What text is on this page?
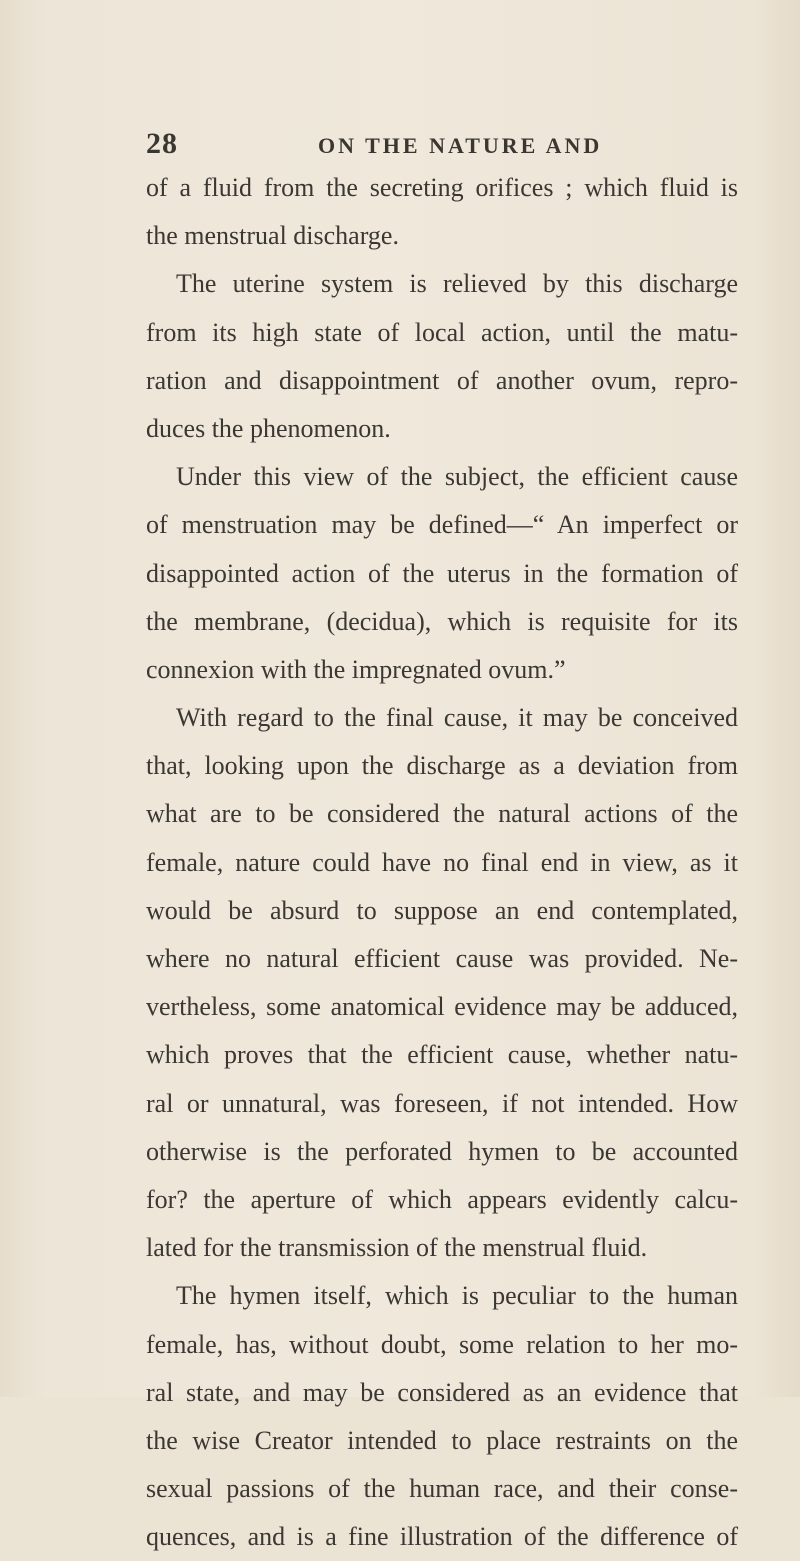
28	ON THE NATURE AND
of a fluid from the secreting orifices ; which fluid is
the menstrual discharge.
The uterine system is relieved by this discharge
from its high state of local action, until the matu-
ration and disappointment of another ovum, repro-
duces the phenomenon.
Under this view of the subject, the efficient cause
of menstruation may be defined—“ An imperfect or
disappointed action of the uterus in the formation of
the membrane, (decidua), which is requisite for its
connexion with the impregnated ovum.”
With regard to the final cause, it may be conceived
that, looking upon the discharge as a deviation from
what are to be considered the natural actions of the
female, nature could have no final end in view, as it
would be absurd to suppose an end contemplated,
where no natural efficient cause was provided. Ne-
vertheless, some anatomical evidence may be adduced,
which proves that the efficient cause, whether natu-
ral or unnatural, was foreseen, if not intended. How
otherwise is the perforated hymen to be accounted
for? the aperture of which appears evidently calcu-
lated for the transmission of the menstrual fluid.
The hymen itself, which is peculiar to the human
female, has, without doubt, some relation to her mo-
ral state, and may be considered as an evidence that
the wise Creator intended to place restraints on the
sexual passions of the human race, and their conse-
quences, and is a fine illustration of the difference of
